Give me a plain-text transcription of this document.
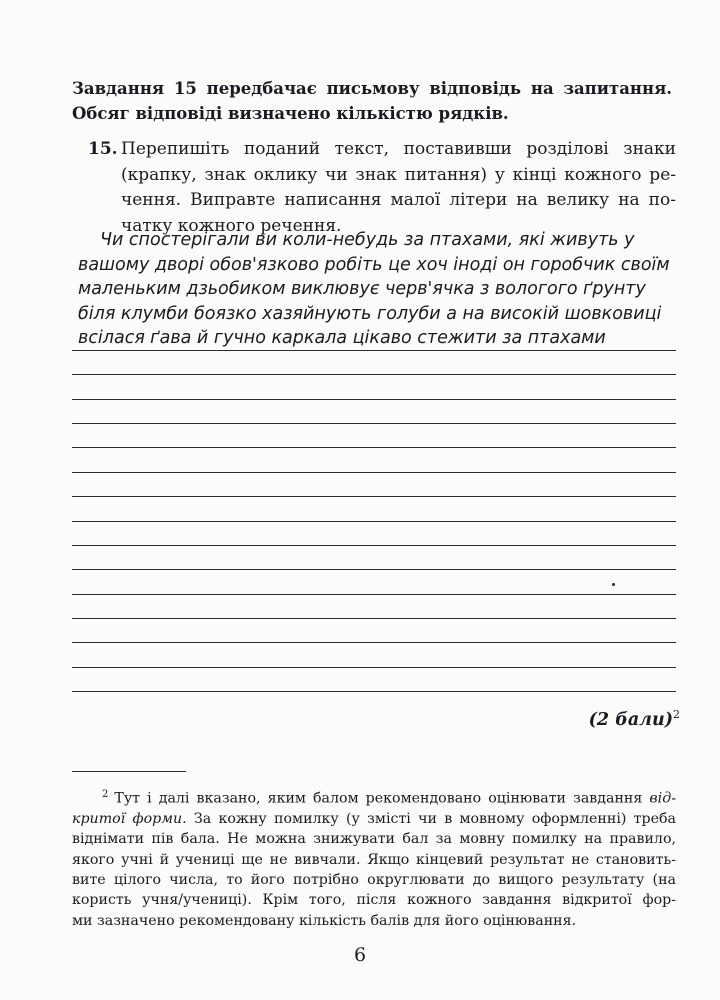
Завдання 15 передбачає письмову відповідь на запитання.
Обсяг відповіді визначено кількістю рядків.
15. Перепишіть поданий текст, поставивши розділові знаки
(крапку, знак оклику чи знак питання) у кінці кожного ре-
чення. Виправте написання малої літери на велику на по-
чатку кожного речення.
Чи спостерігали ви коли-небудь за птахами, які живуть у
вашому дворі обов'язково робіть це хоч іноді он горобчик своїм
маленьким дзьобиком виклювує черв'ячка з вологого ґрунту
біля клумби боязко хазяйнують голуби а на високій шовковиці
всілася ґава й гучно каркала цікаво стежити за птахами
(2 бали)$^2$
$^2$ Тут і далі вказано, яким балом рекомендовано оцінювати завдання від-
критої форми. За кожну помилку (у змісті чи в мовному оформленні) треба
віднімати пів бала. Не можна знижувати бал за мовну помилку на правило,
якого учні й учениці ще не вивчали. Якщо кінцевий результат не становить-
вите цілого числа, то його потрібно округлювати до вищого результату (на
користь учня/учениці). Крім того, після кожного завдання відкритої фор-
ми зазначено рекомендовану кількість балів для його оцінювання.
6
